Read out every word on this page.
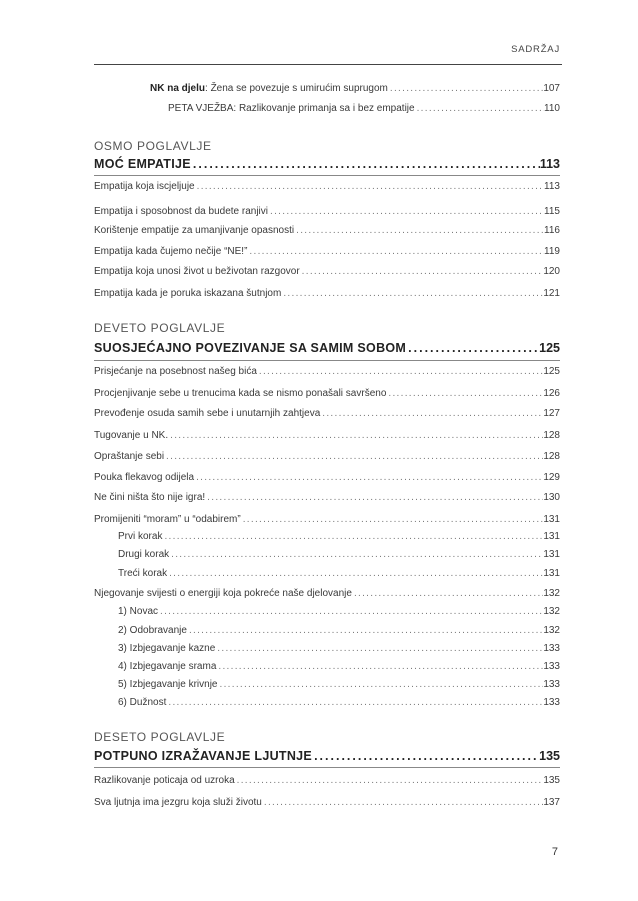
SADRŽAJ
NK na djelu: Žena se povezuje s umirućim suprugom .....	107
PETA VJEŽBA: Razlikovanje primanja sa i bez empatije .....	110
OSMO POGLAVLJE
MOĆ EMPATIJE .....	113
Empatija koja iscjeljuje .....	113
Empatija i sposobnost da budete ranjivi .....	115
Korištenje empatije za umanjivanje opasnosti .....	116
Empatija kada čujemo nečije “NE!” .....	119
Empatija koja unosi život u beživotan razgovor .....	120
Empatija kada je poruka iskazana šutnjom .....	121
DEVETO POGLAVLJE
SUOSJEĆAJNO POVEZIVANJE SA SAMIM SOBOM .....	125
Prisjećanje na posebnost našeg bića .....	125
Procjenjivanje sebe u trenucima kada se nismo ponašali savršeno .....	126
Prevođenje osuda samih sebe i unutarnjih zahtjeva .....	127
Tugovanje u NK. .....	128
Opraštanje sebi .....	128
Pouka flekavog odijela .....	129
Ne čini ništa što nije igra! .....	130
Promijeniti “moram” u “odabirem” .....	131
Prvi korak .....	131
Drugi korak .....	131
Treći korak .....	131
Njegovanje svijesti o energiji koja pokreće naše djelovanje .....	132
1) Novac .....	132
2) Odobravanje .....	132
3) Izbjegavanje kazne .....	133
4) Izbjegavanje srama .....	133
5) Izbjegavanje krivnje .....	133
6) Dužnost .....	133
DESETO POGLAVLJE
POTPUNO IZRAŽAVANJE LJUTNJE .....	135
Razlikovanje poticaja od uzroka .....	135
Sva ljutnja ima jezgru koja služi životu .....	137
7
